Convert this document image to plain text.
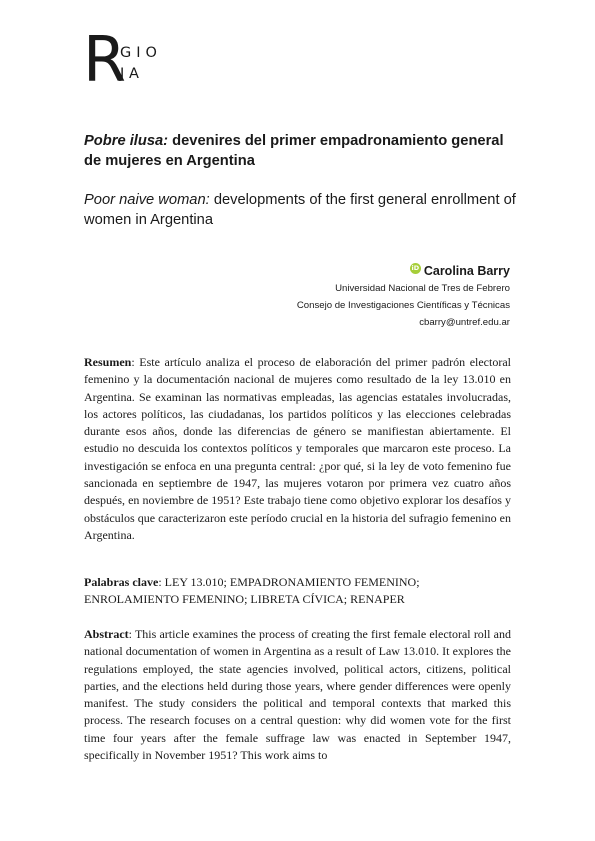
R
GIO
JA
Pobre ilusa: devenires del primer empadronamiento general de mujeres en Argentina
Poor naive woman: developments of the first general enrollment of women in Argentina
iD Carolina Barry
Universidad Nacional de Tres de Febrero
Consejo de Investigaciones Científicas y Técnicas
cbarry@untref.edu.ar
Resumen: Este artículo analiza el proceso de elaboración del primer padrón electoral femenino y la documentación nacional de mujeres como resultado de la ley 13.010 en Argentina. Se examinan las normativas empleadas, las agencias estatales involucradas, los actores políticos, las ciudadanas, los partidos políticos y las elecciones celebradas durante esos años, donde las diferencias de género se manifiestan abiertamente. El estudio no descuida los contextos políticos y temporales que marcaron este proceso. La investigación se enfoca en una pregunta central: ¿por qué, si la ley de voto femenino fue sancionada en septiembre de 1947, las mujeres votaron por primera vez cuatro años después, en noviembre de 1951? Este trabajo tiene como objetivo explorar los desafíos y obstáculos que caracterizaron este período crucial en la historia del sufragio femenino en Argentina.
Palabras clave: LEY 13.010; EMPADRONAMIENTO FEMENINO; ENROLAMIENTO FEMENINO; LIBRETA CÍVICA; RENAPER
Abstract: This article examines the process of creating the first female electoral roll and national documentation of women in Argentina as a result of Law 13.010. It explores the regulations employed, the state agencies involved, political actors, citizens, political parties, and the elections held during those years, where gender differences were openly manifest. The study considers the political and temporal contexts that marked this process. The research focuses on a central question: why did women vote for the first time four years after the female suffrage law was enacted in September 1947, specifically in November 1951? This work aims to
